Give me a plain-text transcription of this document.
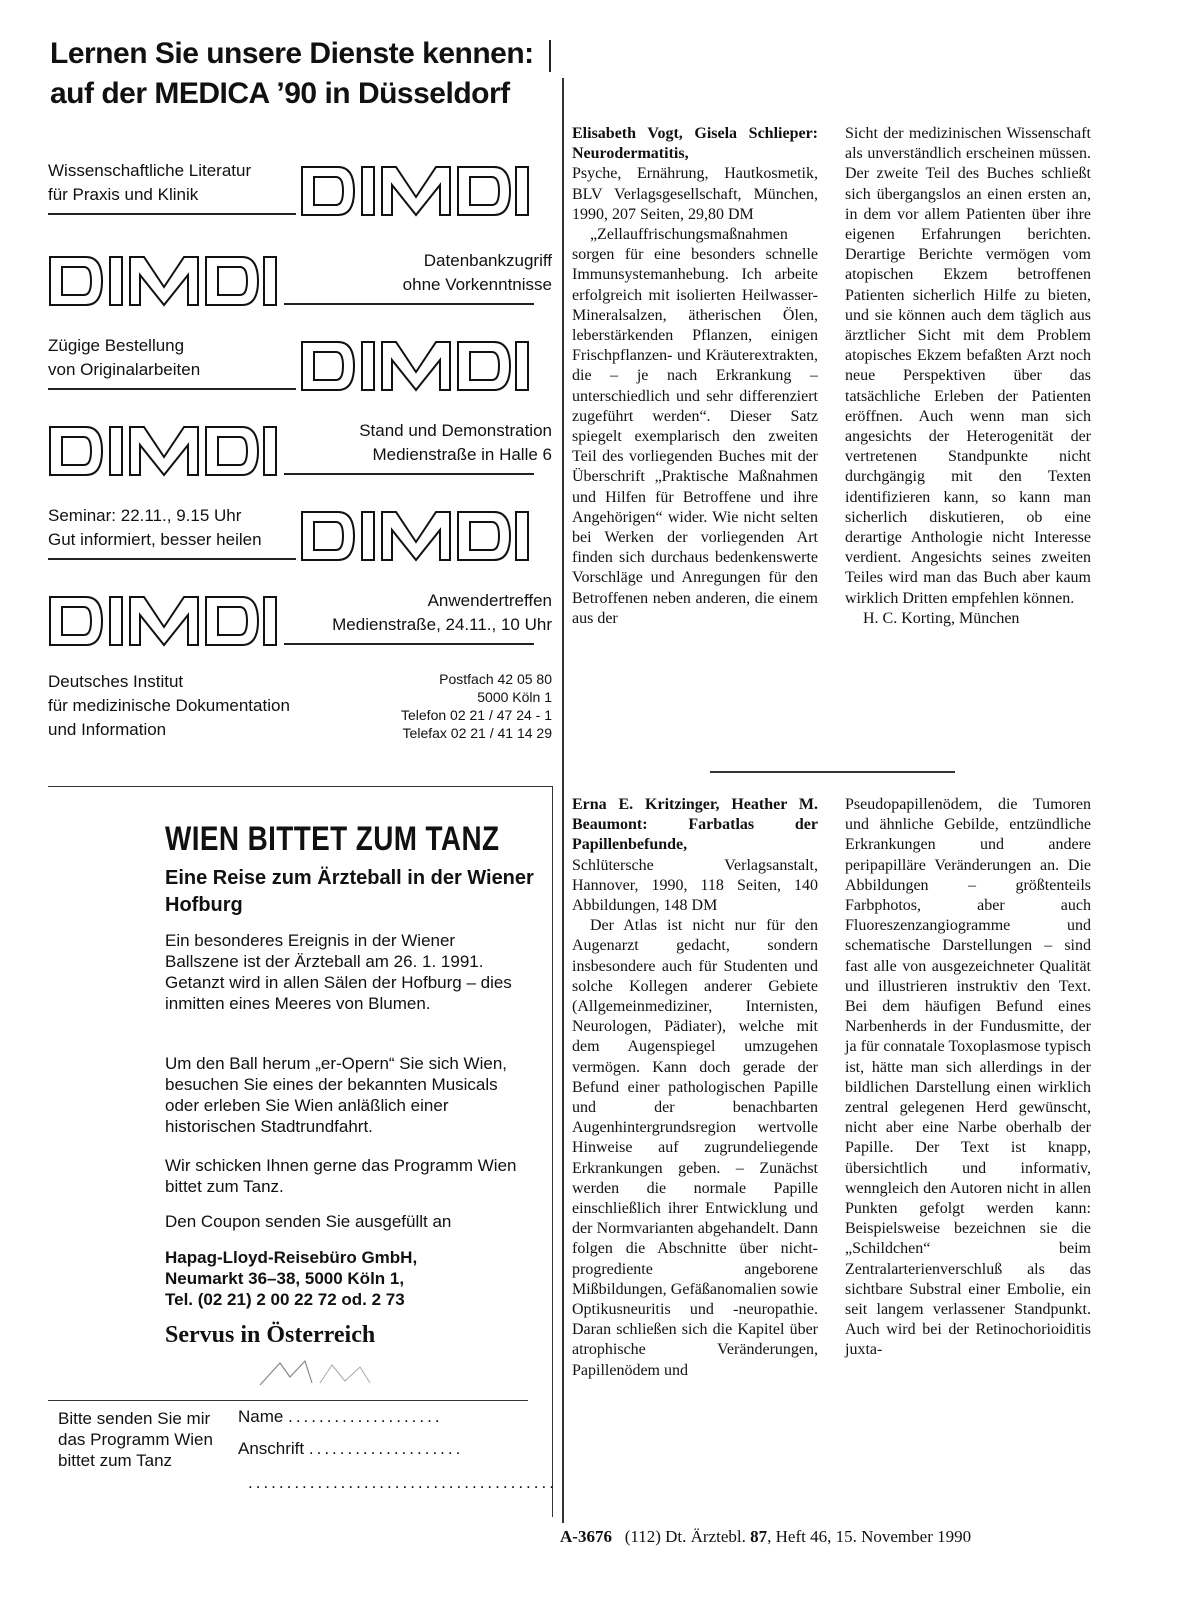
Lernen Sie unsere Dienste kennen:
auf der MEDICA ’90 in Düsseldorf
Wissenschaftliche Literatur
für Praxis und Klinik
Datenbankzugriff
ohne Vorkenntnisse
Zügige Bestellung
von Originalarbeiten
Stand und Demonstration
Medienstraße in Halle 6
Seminar: 22.11., 9.15 Uhr
Gut informiert, besser heilen
Anwendertreffen
Medienstraße, 24.11., 10 Uhr
Deutsches Institut
für medizinische Dokumentation
und Information
Postfach 42 05 80
5000 Köln 1
Telefon 02 21 / 47 24 - 1
Telefax 02 21 / 41 14 29
WIEN BITTET ZUM TANZ
Eine Reise zum Ärzteball in der Wiener Hofburg
Ein besonderes Ereignis in der Wiener Ballszene ist der Ärzteball am 26. 1. 1991. Getanzt wird in allen Sälen der Hofburg – dies inmitten eines Meeres von Blumen.
Um den Ball herum „er-Opern“ Sie sich Wien, besuchen Sie eines der bekannten Musicals oder erleben Sie Wien anläßlich einer historischen Stadtrundfahrt.
Wir schicken Ihnen gerne das Programm Wien bittet zum Tanz.
Den Coupon senden Sie ausgefüllt an
Hapag-Lloyd-Reisebüro GmbH,
Neumarkt 36–38, 5000 Köln 1,
Tel. (02 21) 2 00 22 72 od. 2 73
Servus in Österreich
Bitte senden Sie mir das Programm Wien bittet zum Tanz
Name ....................
Anschrift ....................
........................................

Elisabeth Vogt, Gisela Schlieper: Neurodermatitis,

Psyche, Ernährung, Hautkosmetik, BLV Verlagsgesellschaft, München, 1990, 207 Seiten, 29,80 DM

„Zellauffrischungsmaßnahmen sorgen für eine besonders schnelle Immunsystemanhebung. Ich arbeite erfolgreich mit isolierten Heilwasser-Mineralsalzen, ätherischen Ölen, leberstärkenden Pflanzen, einigen Frischpflanzen- und Kräuterextrakten, die – je nach Erkrankung – unterschiedlich und sehr differenziert zugeführt werden“. Dieser Satz spiegelt exemplarisch den zweiten Teil des vorliegenden Buches mit der Überschrift „Praktische Maßnahmen und Hilfen für Betroffene und ihre Angehörigen“ wider. Wie nicht selten bei Werken der vorliegenden Art finden sich durchaus bedenkenswerte Vorschläge und Anregungen für den Betroffenen neben anderen, die einem aus der

Sicht der medizinischen Wissenschaft als unverständlich erscheinen müssen. Der zweite Teil des Buches schließt sich übergangslos an einen ersten an, in dem vor allem Patienten über ihre eigenen Erfahrungen berichten. Derartige Berichte vermögen vom atopischen Ekzem betroffenen Patienten sicherlich Hilfe zu bieten, und sie können auch dem täglich aus ärztlicher Sicht mit dem Problem atopisches Ekzem befaßten Arzt noch neue Perspektiven über das tatsächliche Erleben der Patienten eröffnen. Auch wenn man sich angesichts der Heterogenität der vertretenen Standpunkte nicht durchgängig mit den Texten identifizieren kann, so kann man sicherlich diskutieren, ob eine derartige Anthologie nicht Interesse verdient. Angesichts seines zweiten Teiles wird man das Buch aber kaum wirklich Dritten empfehlen können.

H. C. Korting, München

Erna E. Kritzinger, Heather M. Beaumont: Farbatlas der Papillenbefunde,

Schlütersche Verlagsanstalt, Hannover, 1990, 118 Seiten, 140 Abbildungen, 148 DM

Der Atlas ist nicht nur für den Augenarzt gedacht, sondern insbesondere auch für Studenten und solche Kollegen anderer Gebiete (Allgemeinmediziner, Internisten, Neurologen, Pädiater), welche mit dem Augenspiegel umzugehen vermögen. Kann doch gerade der Befund einer pathologischen Papille und der benachbarten Augenhintergrundsregion wertvolle Hinweise auf zugrundeliegende Erkrankungen geben. – Zunächst werden die normale Papille einschließlich ihrer Entwicklung und der Normvarianten abgehandelt. Dann folgen die Abschnitte über nicht-progrediente angeborene Mißbildungen, Gefäßanomalien sowie Optikusneuritis und -neuropathie. Daran schließen sich die Kapitel über atrophische Veränderungen, Papillenödem und

Pseudopapillenödem, die Tumoren und ähnliche Gebilde, entzündliche Erkrankungen und andere peripapilläre Veränderungen an. Die Abbildungen – größtenteils Farbphotos, aber auch Fluoreszenzangiogramme und schematische Darstellungen – sind fast alle von ausgezeichneter Qualität und illustrieren instruktiv den Text. Bei dem häufigen Befund eines Narbenherds in der Fundusmitte, der ja für connatale Toxoplasmose typisch ist, hätte man sich allerdings in der bildlichen Darstellung einen wirklich zentral gelegenen Herd gewünscht, nicht aber eine Narbe oberhalb der Papille. Der Text ist knapp, übersichtlich und informativ, wenngleich den Autoren nicht in allen Punkten gefolgt werden kann: Beispielsweise bezeichnen sie die „Schildchen“ beim Zentralarterienverschluß als das sichtbare Substral einer Embolie, ein seit langem verlassener Standpunkt. Auch wird bei der Retinochorioiditis juxta-

A-3676 (112) Dt. Ärztebl. 87, Heft 46, 15. November 1990
